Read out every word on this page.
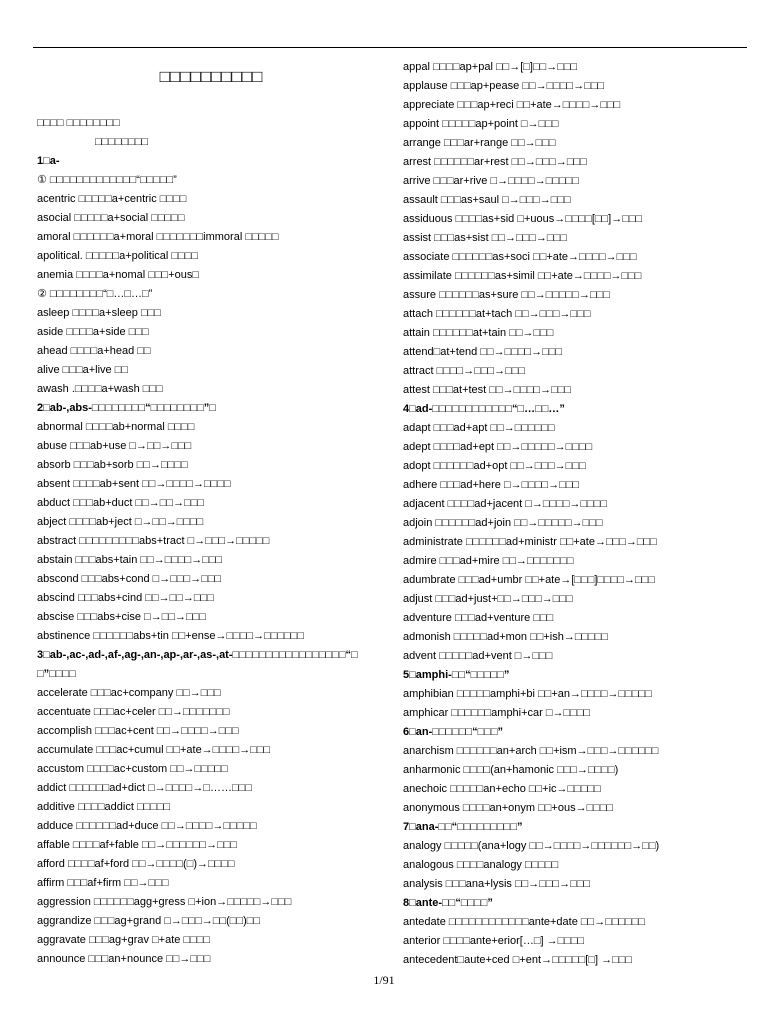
□□□□□□□□□□
□□□□ □□□□□□□□
□□□□□□□□
1□a-
① □□□□□□□□□□□□□“□□□□□”
acentric □□□□□a+centric □□□□
asocial □□□□□a+social □□□□□
amoral □□□□□□a+moral □□□□□□□immoral □□□□□
apolitical. □□□□□a+political □□□□
anemia □□□□a+nomal □□□+ous□
② □□□□□□□□“□…□…□”
asleep □□□□a+sleep □□□
aside □□□□a+side □□□
ahead □□□□a+head □□
alive □□□a+live □□
awash .□□□□a+wash □□□
2□ab-,abs-□□□□□□□□“□□□□□□□□”□
abnormal □□□□ab+normal □□□□
abuse □□□ab+use □→□□→□□□
absorb □□□ab+sorb □□→□□□□
absent □□□□ab+sent □□→□□□□→□□□□
abduct □□□ab+duct □□→□□→□□□
abject □□□□ab+ject □→□□→□□□□
abstract □□□□□□□□□abs+tract □→□□□→□□□□□
abstain □□□abs+tain □□→□□□□→□□□
abscond □□□abs+cond □→□□□→□□□
abscind □□□abs+cind □□→□□→□□□
abscise □□□abs+cise □→□□→□□□
abstinence □□□□□□abs+tin □□+ense→□□□□→□□□□□□
3□ab-,ac-,ad-,af-,ag-,an-,ap-,ar-,as-,at-□□□□□□□□□□□□□□□□□“□
□”□□□□
accelerate □□□ac+company □□→□□□
accentuate □□□ac+celer □□→□□□□□□□
accomplish □□□ac+cent □□→□□□□→□□□
accumulate □□□ac+cumul □□+ate→□□□□→□□□
accustom □□□□ac+custom □□→□□□□□
addict □□□□□□ad+dict □→□□□□→□……□□□
additive □□□□addict □□□□□
adduce □□□□□□ad+duce □□→□□□□→□□□□□
affable □□□□af+fable □□→□□□□□□→□□□
afford □□□□af+ford □□→□□□□(□)→□□□□
affirm □□□af+firm □□→□□□
aggression □□□□□□agg+gress □+ion→□□□□□→□□□
aggrandize □□□ag+grand □→□□□→□□(□□)□□
aggravate □□□ag+grav □+ate □□□□
announce □□□an+nounce □□→□□□
appal □□□□ap+pal □□→[□]□□→□□□
applause □□□ap+pease □□→□□□□→□□□
appreciate □□□ap+reci □□+ate→□□□□→□□□
appoint □□□□□ap+point □→□□□
arrange □□□ar+range □□→□□□
arrest □□□□□□ar+rest □□→□□□→□□□
arrive □□□ar+rive □→□□□□→□□□□□
assault □□□as+saul □→□□□→□□□
assiduous □□□□as+sid □+uous→□□□□[□□]→□□□
assist □□□as+sist □□→□□□→□□□
associate □□□□□□as+soci □□+ate→□□□□→□□□
assimilate □□□□□□as+simil □□+ate→□□□□→□□□
assure □□□□□□as+sure □□→□□□□□→□□□
attach □□□□□□at+tach □□→□□□→□□□
attain □□□□□□at+tain □□→□□□
attend□at+tend □□→□□□□→□□□
attract □□□□→□□□→□□□
attest □□□at+test □□→□□□□→□□□
4□ad-□□□□□□□□□□□□“□…□□…”
adapt □□□ad+apt □□→□□□□□□
adept □□□□ad+ept □□→□□□□□→□□□□
adopt □□□□□□ad+opt □□→□□□→□□□
adhere □□□ad+here □→□□□□→□□□
adjacent □□□□ad+jacent □→□□□□→□□□□
adjoin □□□□□□ad+join □□→□□□□□→□□□
administrate □□□□□□ad+ministr □□+ate→□□□→□□□
admire □□□ad+mire □□→□□□□□□□
adumbrate □□□ad+umbr □□+ate→[□□□]□□□□→□□□
adjust □□□ad+just+□□→□□□→□□□
adventure □□□ad+venture □□□
admonish □□□□□ad+mon □□+ish→□□□□□
advent □□□□□ad+vent □→□□□
5□amphi-□□“□□□□□”
amphibian □□□□□amphi+bi □□+an→□□□□→□□□□□
amphicar □□□□□□amphi+car □→□□□□
6□an-□□□□□□“□□□”
anarchism □□□□□□an+arch □□+ism→□□□→□□□□□□
anharmonic □□□□(an+hamonic □□□→□□□□)
anechoic □□□□□an+echo □□+ic→□□□□□
anonymous □□□□an+onym □□+ous→□□□□
7□ana-□□“□□□□□□□□□”
analogy □□□□□(ana+logy □□→□□□□→□□□□□□→□□)
analogous □□□□analogy □□□□□
analysis □□□ana+lysis □□→□□□→□□□
8□ante-□□“□□□□”
antedate □□□□□□□□□□□□ante+date □□→□□□□□□
anterior □□□□ante+erior[…□] →□□□□
antecedent□aute+ced □+ent→□□□□□[□] →□□□
1/91
